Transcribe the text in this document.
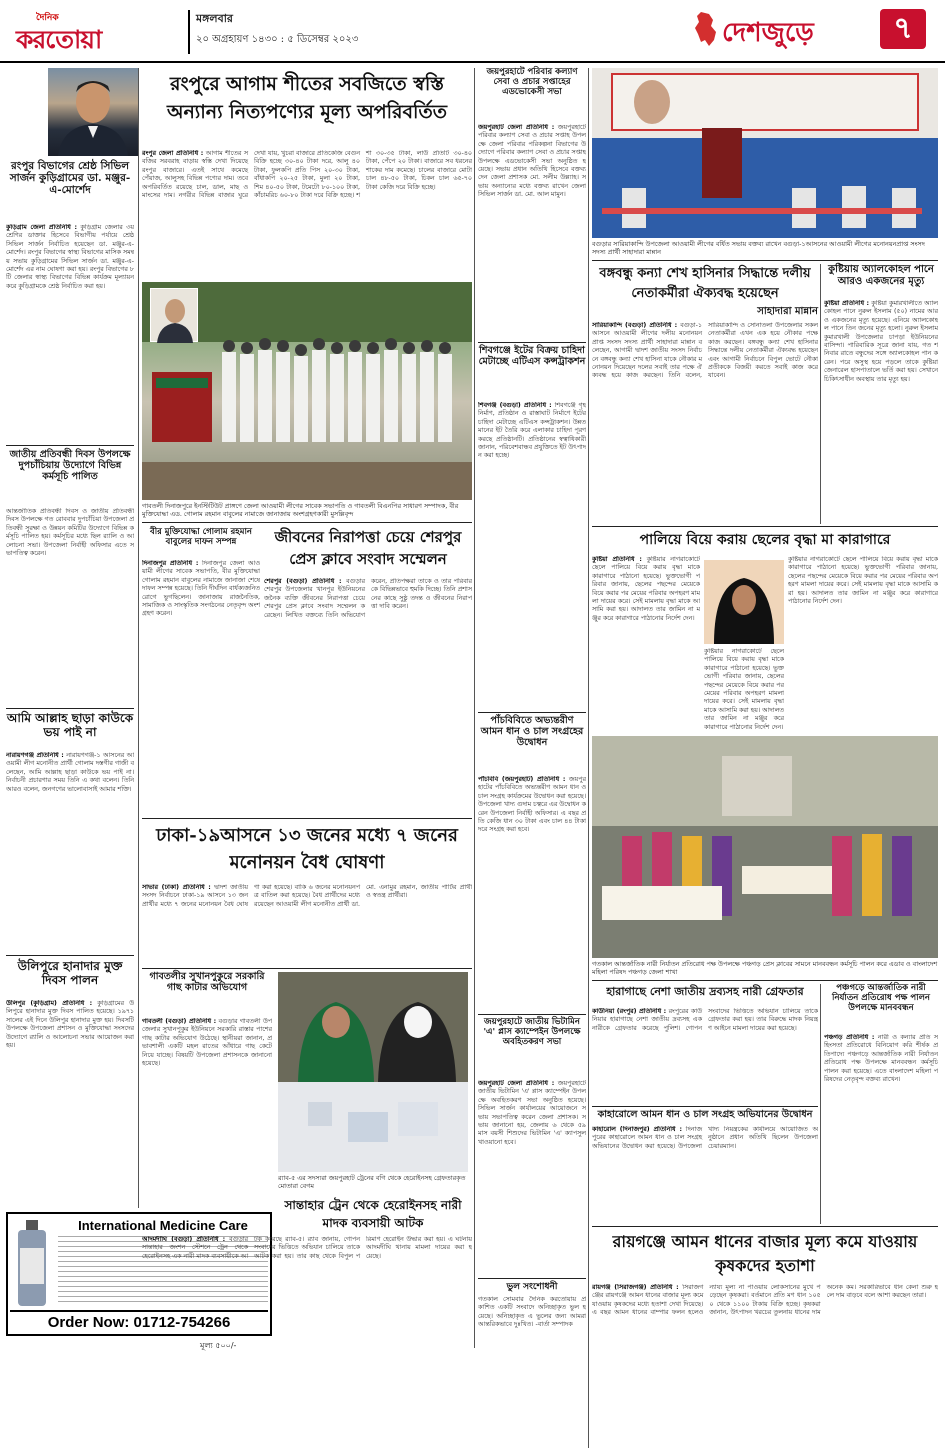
দৈনিক
করতোয়া
মঙ্গলবার
২০ অগ্রহায়ণ ১৪৩০ : ৫ ডিসেম্বর ২০২৩	দেশজুড়ে	৭
রংপুর বিভাগের শ্রেষ্ঠ সিভিল সার্জন কুড়িগ্রামের ডা. মঞ্জুর-এ-মোর্শেদ
কুড়িগ্রাম জেলা প্রতিনিধি : কুড়িগ্রাম জেলার ৩য় শ্রেণির ডাক্তার হিসেবে বিভাগীয় পর্যায়ে শ্রেষ্ঠ সিভিল সার্জন নির্বাচিত হয়েছেন ডা. মঞ্জুর-এ-মোর্শেদ। রংপুর বিভাগের স্বাস্থ্য বিভাগের মাসিক সমন্বয় সভায় কুড়িগ্রামের সিভিল সার্জন ডা. মঞ্জুর-এ-মোর্শেদ এর নাম ঘোষণা করা হয়। রংপুর বিভাগের ৮টি জেলার স্বাস্থ্য বিভাগের বিভিন্ন কার্যক্রম মূল্যায়ন করে কুড়িগ্রামকে শ্রেষ্ঠ নির্বাচিত করা হয়।
জাতীয় প্রতিবন্ধী দিবস উপলক্ষে দুপচাঁচিয়ায় উদ্যোগে বিভিন্ন কর্মসূচি পালিত
আন্তর্জাতিক প্রতিবন্ধী দিবস ও জাতীয় প্রতিবন্ধী দিবস উপলক্ষে গত রোববার দুপচাঁচিয়া উপজেলা প্রতিবন্ধী সুরক্ষা ও উন্নয়ন কমিটির উদ্যোগে বিভিন্ন কর্মসূচি পালিত হয়। কর্মসূচির মধ্যে ছিল র‍্যালি ও আলোচনা সভা। উপজেলা নির্বাহী অফিসার এতে সভাপতিত্ব করেন।
আমি আল্লাহ ছাড়া কাউকে ভয় পাই না
নারায়ণগঞ্জ প্রতিনিধি : নারায়ণগঞ্জ-১ আসনের আওয়ামী লীগ মনোনীত প্রার্থী গোলাম দস্তগীর গাজী বলেছেন, আমি আল্লাহ ছাড়া কাউকে ভয় পাই না। নির্বাচনী প্রচারণার সময় তিনি এ কথা বলেন। তিনি আরও বলেন, জনগণের ভালোবাসাই আমার শক্তি।
উলিপুরে হানাদার মুক্ত দিবস পালন
উলিপুর (কুড়িগ্রাম) প্রতিনিধি : কুড়িগ্রামের উলিপুরে হানাদার মুক্ত দিবস পালিত হয়েছে। ১৯৭১ সালের এই দিনে উলিপুর হানাদার মুক্ত হয়। দিবসটি উপলক্ষে উপজেলা প্রশাসন ও মুক্তিযোদ্ধা সংসদের উদ্যোগে র‍্যালি ও আলোচনা সভার আয়োজন করা হয়।
International Medicine Care
Order Now: 01712-754266
মূল্য ৫০০/-
রংপুরে আগাম শীতের সবজিতে স্বস্তি অন্যান্য নিত্যপণ্যের মূল্য অপরিবর্তিত
রংপুর জেলা প্রতিনিধি : আগাম শীতের সবজির সরবরাহ বাড়ায় স্বস্তি দেখা দিয়েছে রংপুর বাজারে। এতই সাথে কমেছে পেঁয়াজ, আলুসহ বিভিন্ন পণ্যের দাম। তবে অপরিবর্তিত রয়েছে চাল, ডাল, মাছ ও মাংসের দাম। নগরীর বিভিন্ন বাজার ঘুরে দেখা যায়, খুচরা বাজারে প্রতিকেজি বেগুন বিক্রি হচ্ছে ৩০-৪০ টাকা দরে, আলু ৪০ টাকা, ফুলকপি প্রতি পিস ২০-৩০ টাকা, বাঁধাকপি ২০-২৫ টাকা, মুলা ২০ টাকা, শিম ৪০-৫০ টাকা, টমেটো ৮০-১০০ টাকা, কাঁচামরিচ ৬০-৮০ টাকা দরে বিক্রি হচ্ছে। শশা ৩০-৩৫ টাকা, লাউ প্রতিটি ৩০-৪০ টাকা, পেঁপে ২০ টাকা। বাজারে সব ধরনের শাকের দাম কমেছে। চালের বাজারে মোটা চাল ৪৮-৫০ টাকা, চিকন চাল ৬৫-৭০ টাকা কেজি দরে বিক্রি হচ্ছে।
গাবতলী দিনাজপুরে ইনস্টিটিউট প্রাঙ্গণে জেলা আওয়ামী লীগের সাবেক সভাপতি ও গাবতলী বিএনপির সাধারণ সম্পাদক, বীর মুক্তিযোদ্ধা এড. গোলাম রহমান বাবুলের নামাজে জানাজায় অংশগ্রহণকারী মুসল্লিবৃন্দ
বীর মুক্তিযোদ্ধা গোলাম রহমান বাবুলের দাফন সম্পন্ন
দিনাজপুর প্রতিনিধি : দিনাজপুর জেলা আওয়ামী লীগের সাবেক সভাপতি, বীর মুক্তিযোদ্ধা গোলাম রহমান বাবুলের নামাজে জানাজা শেষে দাফন সম্পন্ন হয়েছে। তিনি দীর্ঘদিন বার্ধক্যজনিত রোগে ভুগছিলেন। জানাজায় রাজনৈতিক, সামাজিক ও সাংস্কৃতিক সংগঠনের নেতৃবৃন্দ অংশগ্রহণ করেন।
জীবনের নিরাপত্তা চেয়ে শেরপুর প্রেস ক্লাবে সংবাদ সম্মেলন
শেরপুর (বগুড়া) প্রতিনিধি : বগুড়ার শেরপুর উপজেলার খানপুর ইউনিয়নের জনৈক ব্যক্তি জীবনের নিরাপত্তা চেয়ে শেরপুর প্রেস ক্লাবে সংবাদ সম্মেলন করেছেন। লিখিত বক্তব্যে তিনি অভিযোগ করেন, প্রতিপক্ষরা তাকে ও তার পরিবারকে বিভিন্নভাবে হুমকি দিচ্ছে। তিনি প্রশাসনের কাছে সুষ্ঠু তদন্ত ও জীবনের নিরাপত্তা দাবি করেন।
ঢাকা-১৯আসনে ১৩ জনের মধ্যে ৭ জনের মনোনয়ন বৈধ ঘোষণা
সাভার (ঢাকা) প্রতিনিধি : দ্বাদশ জাতীয় সংসদ নির্বাচনে ঢাকা-১৯ আসনে ১৩ জন প্রার্থীর মধ্যে ৭ জনের মনোনয়ন বৈধ ঘোষণা করা হয়েছে। বাকি ৬ জনের মনোনয়নপত্র বাতিল করা হয়েছে। বৈধ প্রার্থীদের মধ্যে রয়েছেন আওয়ামী লীগ মনোনীত প্রার্থী ডা. মো. এনামুর রহমান, জাতীয় পার্টির প্রার্থী ও স্বতন্ত্র প্রার্থীরা।
গাবতলীর সুখানপুকুরে সরকারি গাছ কাটার অভিযোগ
গাবতলী (বগুড়া) প্রতিনিধি : বগুড়ার গাবতলী উপজেলার সুখানপুকুর ইউনিয়নে সরকারি রাস্তার পাশের গাছ কাটার অভিযোগ উঠেছে। স্থানীয়রা জানান, প্রভাবশালী একটি মহল রাতের আঁধারে গাছ কেটে নিয়ে যাচ্ছে। বিষয়টি উপজেলা প্রশাসনকে জানানো হয়েছে।
র‍্যাব-৫ এর সদস্যরা জয়পুরহাট ট্রেনের বগি থেকে হেরোইনসহ গ্রেফতারকৃত মোতারা বেগম
সান্তাহার ট্রেন থেকে হেরোইনসহ নারী মাদক ব্যবসায়ী আটক
আদমদীঘি (বগুড়া) প্রতিনিধি : বগুড়ার সান্তাহার জংশন স্টেশনে ট্রেন থেকে হেরোইনসহ এক নারী মাদক ব্যবসায়ীকে আটক করেছে র‍্যাব-৫। র‍্যাব জানায়, গোপন সংবাদের ভিত্তিতে অভিযান চালিয়ে তাকে আটক করা হয়। তার কাছ থেকে বিপুল পরিমাণ হেরোইন উদ্ধার করা হয়। এ ঘটনায় আদমদীঘি থানায় মামলা দায়ের করা হয়েছে।
জয়পুরহাটে পরিবার কল্যাণ সেবা ও প্রচার সপ্তাহের এডভোকেসী সভা
জয়পুরহাট জেলা প্রতিনিধি : জয়পুরহাটে পরিবার কল্যাণ সেবা ও প্রচার সপ্তাহ উপলক্ষে জেলা পরিবার পরিকল্পনা বিভাগের উদ্যোগে পরিবার কল্যাণ সেবা ও প্রচার সপ্তাহ উপলক্ষে এডভোকেসী সভা অনুষ্ঠিত হয়েছে। সভায় প্রধান অতিথি হিসেবে বক্তব্য দেন জেলা প্রশাসক মো. সলীম উল্ল্যাহ। সভায় অন্যান্যের মধ্যে বক্তব্য রাখেন জেলা সিভিল সার্জন ডা. মো. আল মামুন।
শিবগঞ্জে ইটের বিক্রয় চাহিদা মেটাচ্ছে এটিএস কন্সট্রাকশন
শিবগঞ্জ (বগুড়া) প্রতিনিধি : শিবগঞ্জে গৃহনির্মাণ, প্রতিষ্ঠান ও রাস্তাঘাট নির্মাণে ইটের চাহিদা মেটাচ্ছে এটিএস কন্সট্রাকশন। উন্নত মানের ইট তৈরি করে এলাকার চাহিদা পূরণ করছে প্রতিষ্ঠানটি। প্রতিষ্ঠানের স্বত্বাধিকারী জানান, পরিবেশবান্ধব প্রযুক্তিতে ইট উৎপাদন করা হচ্ছে।
পাঁচবিবিতে অভ্যন্তরীণ আমন ধান ও চাল সংগ্রহের উদ্বোধন
পাঁচবিবি (জয়পুরহাট) প্রতিনিধি : জয়পুরহাটের পাঁচবিবিতে অভ্যন্তরীণ আমন ধান ও চাল সংগ্রহ কার্যক্রমের উদ্বোধন করা হয়েছে। উপজেলা খাদ্য গুদাম চত্বরে এর উদ্বোধন করেন উপজেলা নির্বাহী অফিসার। এ বছর প্রতি কেজি ধান ৩০ টাকা এবং চাল ৪৪ টাকা দরে সংগ্রহ করা হবে।
জয়পুরহাটে জাতীয় ভিটামিন 'এ' প্লাস ক্যাম্পেইন উপলক্ষে অবহিতকরণ সভা
জয়পুরহাট জেলা প্রতিনিধি : জয়পুরহাটে জাতীয় ভিটামিন 'এ' প্লাস ক্যাম্পেইন উপলক্ষে অবহিতকরণ সভা অনুষ্ঠিত হয়েছে। সিভিল সার্জন কার্যালয়ের আয়োজনে সভায় সভাপতিত্ব করেন জেলা প্রশাসক। সভায় জানানো হয়, জেলায় ৬ থেকে ৫৯ মাস বয়সী শিশুদের ভিটামিন 'এ' ক্যাপসুল খাওয়ানো হবে।
ভুল সংশোধনী
গতকাল সোমবার দৈনিক করতোয়ায় প্রকাশিত একটি সংবাদে অনিচ্ছাকৃত ভুল হয়েছে। অনিচ্ছাকৃত এ ভুলের জন্য আমরা আন্তরিকভাবে দুঃখিত। -বার্তা সম্পাদক
বগুড়ার সারিয়াকান্দি উপজেলা আওয়ামী লীগের বর্ধিত সভায় বক্তব্য রাখেন বগুড়া-১আসনের আওয়ামী লীগের মনোনয়নপ্রাপ্ত সংসদ সদস্য প্রার্থী সাহাদারা মান্নান
বঙ্গবন্ধু কন্যা শেখ হাসিনার সিদ্ধান্তে দলীয় নেতাকর্মীরা ঐক্যবদ্ধ হয়েছেন
সাহাদারা মান্নান
সারিয়াকান্দি (বগুড়া) প্রতিনিধি : বগুড়া-১ আসনে আওয়ামী লীগের দলীয় মনোনয়নপ্রাপ্ত সংসদ সদস্য প্রার্থী সাহাদারা মান্নান বলেছেন, আগামী দ্বাদশ জাতীয় সংসদ নির্বাচনে বঙ্গবন্ধু কন্যা শেখ হাসিনা যাকে নৌকার মনোনয়ন দিয়েছেন দলের সবাই তার পক্ষে ঐক্যবদ্ধ হয়ে কাজ করছেন। তিনি বলেন, সারিয়াকান্দি ও সোনাতলা উপজেলার সকল নেতাকর্মীরা এখন এক হয়ে নৌকার পক্ষে কাজ করছেন। বঙ্গবন্ধু কন্যা শেখ হাসিনার সিদ্ধান্তে দলীয় নেতাকর্মীরা ঐক্যবদ্ধ হয়েছেন এবং আগামী নির্বাচনে বিপুল ভোটে নৌকা প্রতীককে বিজয়ী করতে সবাই কাজ করে যাবেন।
কুষ্টিয়ায় অ্যালকোহল পানে আরও একজনের মৃত্যু
কুষ্টিয়া প্রতিনিধি : কুষ্টিয়া কুমারখালীতে অ্যালকোহল পানে নুরুল ইসলাম (৫০) নামের আরও একজনের মৃত্যু হয়েছে। এনিয়ে অ্যালকোহল পানে তিন জনের মৃত্যু হলো। নুরুল ইসলাম কুমারখালী উপজেলার চাপড়া ইউনিয়নের বাসিন্দা। পারিবারিক সূত্রে জানা যায়, গত শনিবার রাতে বন্ধুদের সঙ্গে অ্যালকোহল পান করেন। পরে অসুস্থ হয়ে পড়লে তাকে কুষ্টিয়া জেনারেল হাসপাতালে ভর্তি করা হয়। সেখানে চিকিৎসাধীন অবস্থায় তার মৃত্যু হয়।
পালিয়ে বিয়ে করায় ছেলের বৃদ্ধা মা কারাগারে
কুষ্টিয়া প্রতিনিধি : কুষ্টিয়ার নাগরাকোটে ছেলে পালিয়ে বিয়ে করায় বৃদ্ধা মাকে কারাগারে পাঠানো হয়েছে। ভুক্তভোগী পরিবার জানায়, ছেলের পছন্দের মেয়েকে বিয়ে করার পর মেয়ের পরিবার অপহরণ মামলা দায়ের করে। সেই মামলায় বৃদ্ধা মাকে আসামি করা হয়। আদালত তার জামিন না মঞ্জুর করে কারাগারে পাঠানোর নির্দেশ দেন।
কুষ্টিয়ার নাগরাকোটে ছেলে পালিয়ে বিয়ে করায় বৃদ্ধা মাকে কারাগারে পাঠানো হয়েছে। ভুক্তভোগী পরিবার জানায়, ছেলের পছন্দের মেয়েকে বিয়ে করার পর মেয়ের পরিবার অপহরণ মামলা দায়ের করে। সেই মামলায় বৃদ্ধা মাকে আসামি করা হয়। আদালত তার জামিন না মঞ্জুর করে কারাগারে পাঠানোর নির্দেশ দেন।
কুষ্টিয়ার নাগরাকোটে ছেলে পালিয়ে বিয়ে করায় বৃদ্ধা মাকে কারাগারে পাঠানো হয়েছে। ভুক্তভোগী পরিবার জানায়, ছেলের পছন্দের মেয়েকে বিয়ে করার পর মেয়ের পরিবার অপহরণ মামলা দায়ের করে। সেই মামলায় বৃদ্ধা মাকে আসামি করা হয়। আদালত তার জামিন না মঞ্জুর করে কারাগারে পাঠানোর নির্দেশ দেন।
গতকাল আন্তর্জাতিক নারী নির্যাতন প্রতিরোধ পক্ষ উপলক্ষে পঞ্চগড় প্রেস ক্লাবের সামনে মানববন্ধন কর্মসূচি পালন করে এডাব ও বাংলাদেশ মহিলা পরিষদ পঞ্চগড় জেলা শাখা
হারাগাছে নেশা জাতীয় দ্রব্যসহ নারী গ্রেফতার
কাউনিয়া (রংপুর) প্রতিনিধি : রংপুরের কাউনিয়ার হারাগাছে নেশা জাতীয় দ্রব্যসহ এক নারীকে গ্রেফতার করেছে পুলিশ। গোপন সংবাদের ভিত্তিতে অভিযান চালিয়ে তাকে গ্রেফতার করা হয়। তার বিরুদ্ধে মাদক নিয়ন্ত্রণ আইনে মামলা দায়ের করা হয়েছে।
কাহারোলে আমন ধান ও চাল সংগ্রহ অভিযানের উদ্বোধন
কাহারোল (দিনাজপুর) প্রতিনিধি : দিনাজপুরের কাহারোলে আমন ধান ও চাল সংগ্রহ অভিযানের উদ্বোধন করা হয়েছে। উপজেলা খাদ্য নিয়ন্ত্রকের কার্যালয়ে আয়োজিত অনুষ্ঠানে প্রধান অতিথি ছিলেন উপজেলা চেয়ারম্যান।
পঞ্চগড়ে আন্তর্জাতিক নারী নির্যাতন প্রতিরোধ পক্ষ পালন উপলক্ষে মানববন্ধন
পঞ্চগড় প্রতিনিধি : নারী ও কন্যার প্রতি সহিংসতা প্রতিরোধে বিনিয়োগ করি শীর্ষক প্রতিপাদ্যে পঞ্চগড়ে আন্তর্জাতিক নারী নির্যাতন প্রতিরোধ পক্ষ উপলক্ষে মানববন্ধন কর্মসূচি পালন করা হয়েছে। এতে বাংলাদেশ মহিলা পরিষদের নেতৃবৃন্দ বক্তব্য রাখেন।
রায়গঞ্জে আমন ধানের বাজার মূল্য কমে যাওয়ায় কৃষকদের হতাশা
রায়গঞ্জ (সিরাজগঞ্জ) প্রতিনিধি : সিরাজগঞ্জের রায়গঞ্জে আমন ধানের বাজার মূল্য কমে যাওয়ায় কৃষকদের মধ্যে হতাশা দেখা দিয়েছে। এ বছর আমন ধানের বাম্পার ফলন হলেও ন্যায্য মূল্য না পাওয়ায় লোকসানের মুখে পড়েছেন কৃষকরা। বর্তমানে প্রতি মণ ধান ১০৫০ থেকে ১১০০ টাকায় বিক্রি হচ্ছে। কৃষকরা জানান, উৎপাদন খরচের তুলনায় ধানের দাম অনেক কম। সরকারিভাবে ধান কেনা শুরু হলে দাম বাড়বে বলে আশা করছেন তারা।
